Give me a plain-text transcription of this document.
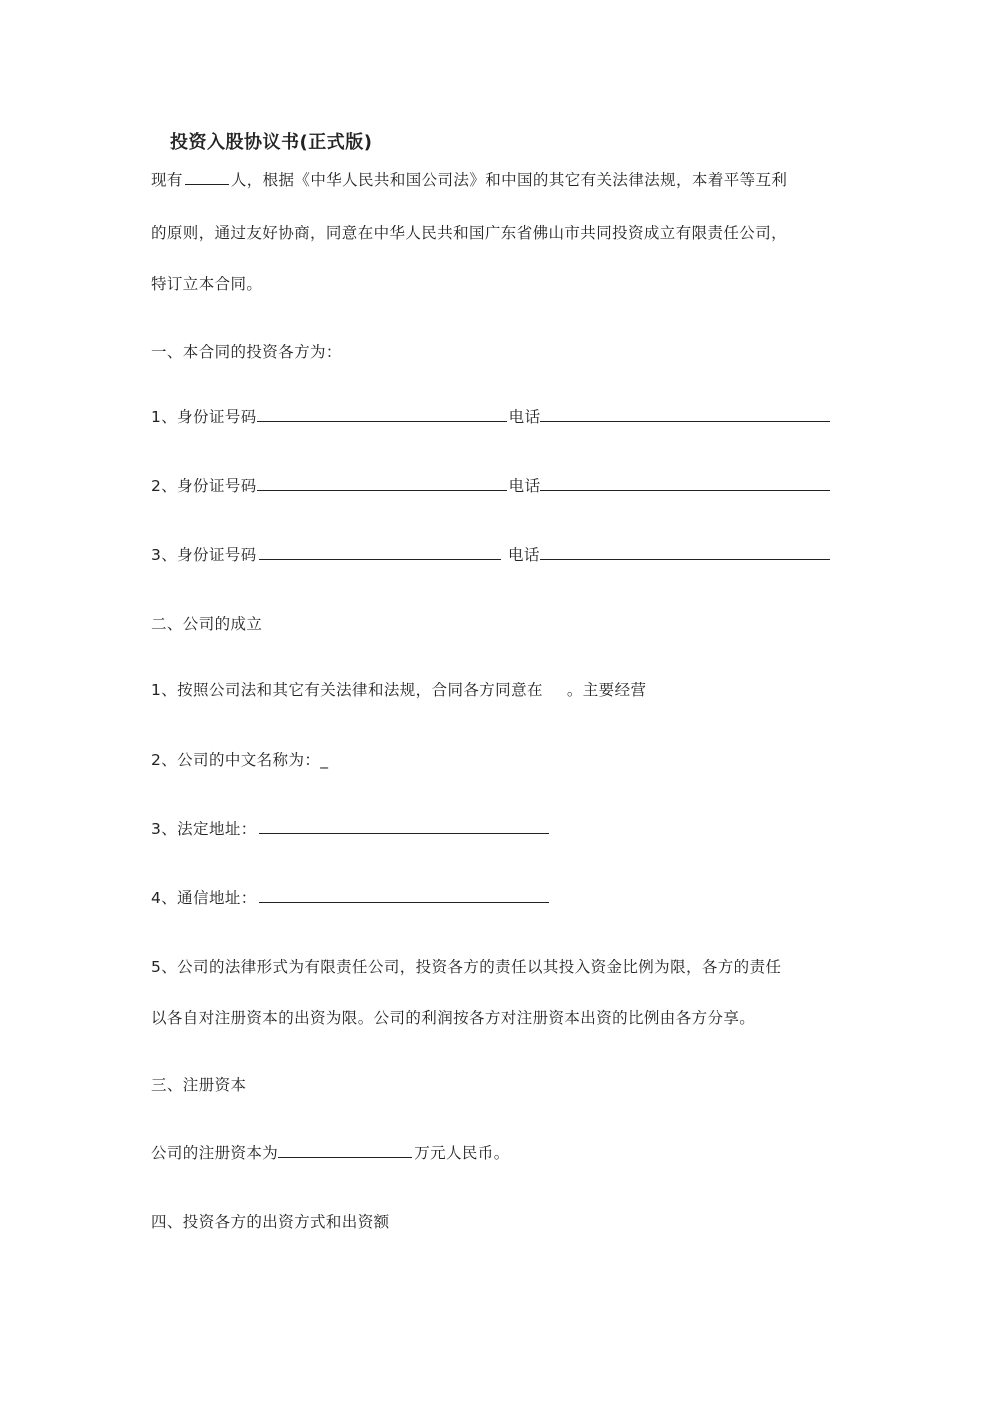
投资入股协议书(正式版)
现有	人，根据《中华人民共和国公司法》和中国的其它有关法律法规，本着平等互利
的原则，通过友好协商，同意在中华人民共和国广东省佛山市共同投资成立有限责任公司，
特订立本合同。
一、本合同的投资各方为：
1、身份证号码	电话
2、身份证号码	电话
3、身份证号码	电话
二、公司的成立
1、按照公司法和其它有关法律和法规，合同各方同意在 。主要经营
2、公司的中文名称为：_
3、法定地址：
4、通信地址：
5、公司的法律形式为有限责任公司，投资各方的责任以其投入资金比例为限，各方的责任
以各自对注册资本的出资为限。公司的利润按各方对注册资本出资的比例由各方分享。
三、注册资本
公司的注册资本为	万元人民币。
四、投资各方的出资方式和出资额
